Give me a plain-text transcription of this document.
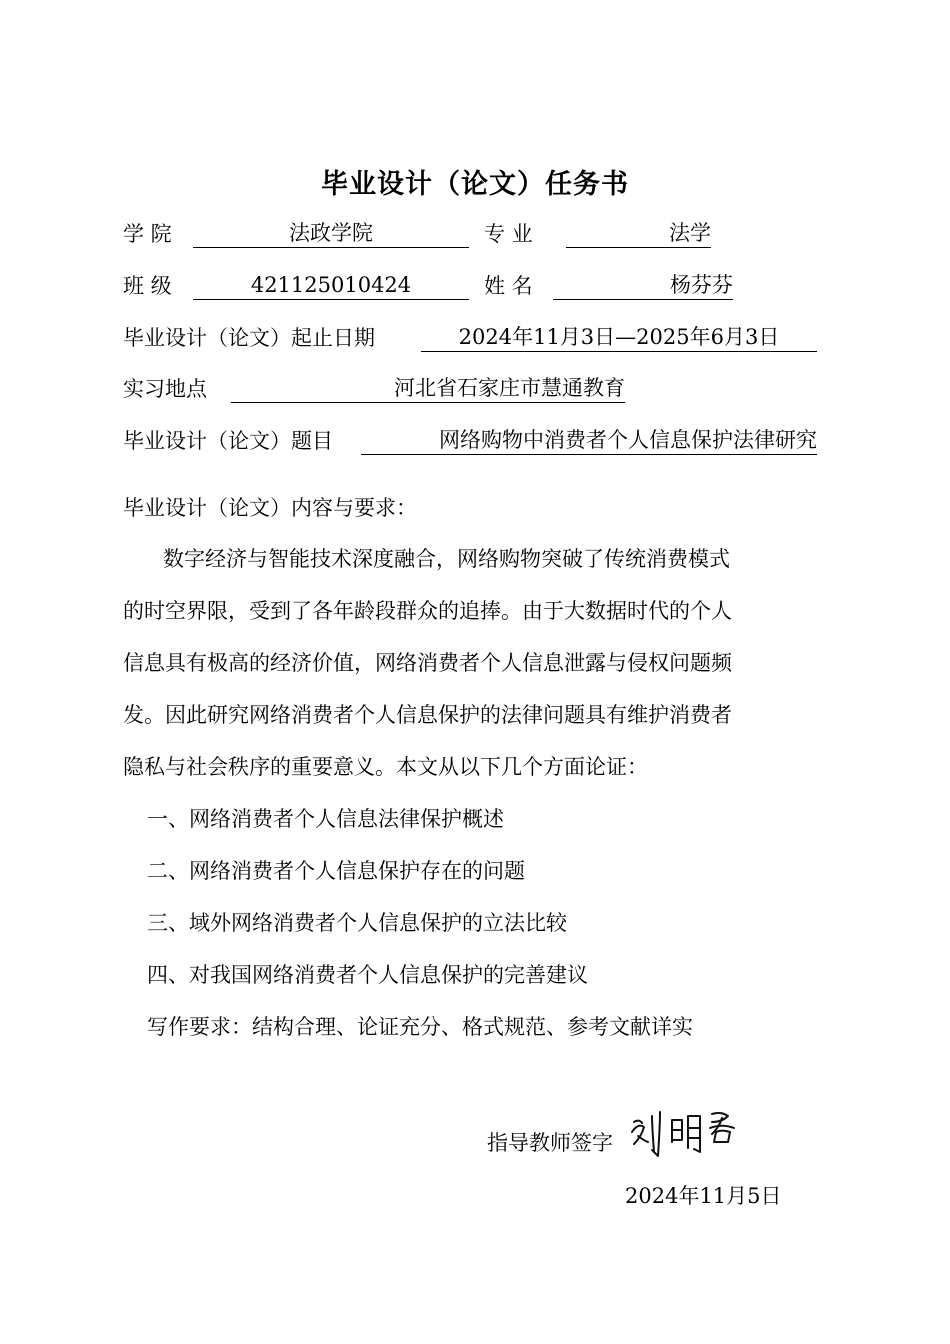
毕业设计（论文）任务书
学 院	法政学院	专 业	法学
班 级	421125010424	姓 名	杨芬芬
毕业设计（论文）起止日期	2024年11月3日—2025年6月3日
实习地点	河北省石家庄市慧通教育
毕业设计（论文）题目	网络购物中消费者个人信息保护法律研究
毕业设计（论文）内容与要求：
数字经济与智能技术深度融合，网络购物突破了传统消费模式
的时空界限，受到了各年龄段群众的追捧。由于大数据时代的个人
信息具有极高的经济价值，网络消费者个人信息泄露与侵权问题频
发。因此研究网络消费者个人信息保护的法律问题具有维护消费者
隐私与社会秩序的重要意义。本文从以下几个方面论证：
一、网络消费者个人信息法律保护概述
二、网络消费者个人信息保护存在的问题
三、域外网络消费者个人信息保护的立法比较
四、对我国网络消费者个人信息保护的完善建议
写作要求：结构合理、论证充分、格式规范、参考文献详实
指导教师签字
2024年11月5日
